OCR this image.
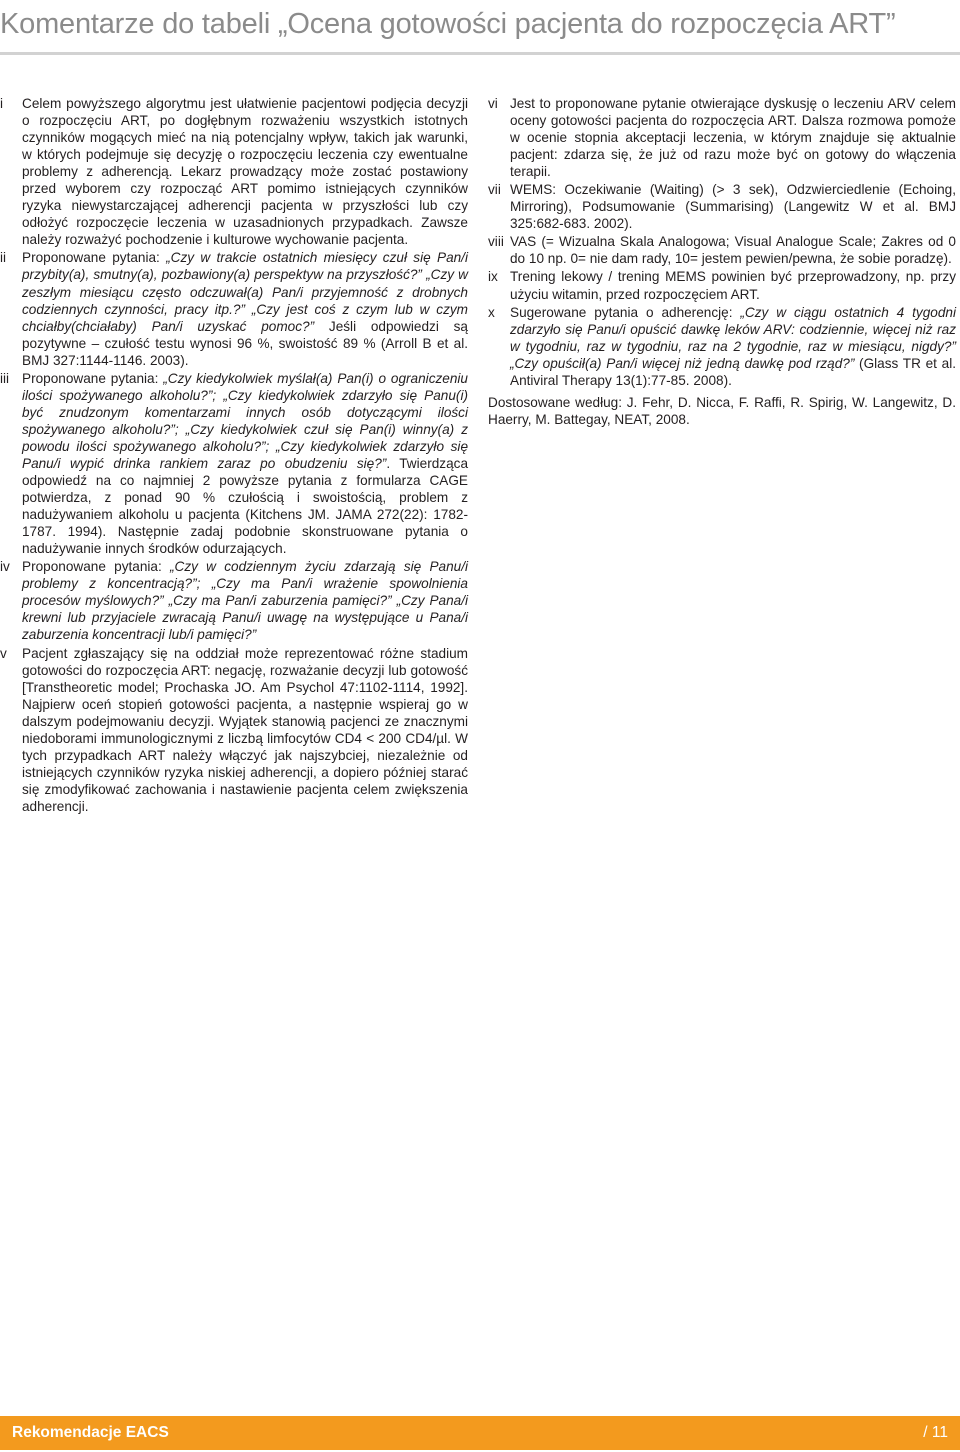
Komentarze do tabeli „Ocena gotowości pacjenta do rozpoczęcia ART”
i	Celem powyższego algorytmu jest ułatwienie pacjentowi podjęcia decyzji o rozpoczęciu ART, po dogłębnym rozważeniu wszystkich istotnych czynników mogących mieć na nią potencjalny wpływ, takich jak warunki, w których podejmuje się decyzję o rozpoczęciu leczenia czy ewentualne problemy z adherencją. Lekarz prowadzący może zostać postawiony przed wyborem czy rozpocząć ART pomimo istniejących czynników ryzyka niewystarczającej adherencji pacjenta w przyszłości lub czy odłożyć rozpoczęcie leczenia w uzasadnionych przypadkach. Zawsze należy rozważyć pochodzenie i kulturowe wychowanie pacjenta.
ii	Proponowane pytania: „Czy w trakcie ostatnich miesięcy czuł się Pan/i przybity(a), smutny(a), pozbawiony(a) perspektyw na przyszłość?” „Czy w zeszłym miesiącu często odczuwał(a) Pan/i przyjemność z drobnych codziennych czynności, pracy itp.?” „Czy jest coś z czym lub w czym chciałby(chciałaby) Pan/i uzyskać pomoc?” Jeśli odpowiedzi są pozytywne – czułość testu wynosi 96 %, swoistość 89 % (Arroll B et al. BMJ 327:1144-1146. 2003).
iii Proponowane pytania: „Czy kiedykolwiek myślał(a) Pan(i) o ograniczeniu ilości spożywanego alkoholu?”; „Czy kiedykolwiek zdarzyło się Panu(i) być znudzonym komentarzami innych osób dotyczącymi ilości spożywanego alkoholu?”; „Czy kiedykolwiek czuł się Pan(i) winny(a) z powodu ilości spożywanego alkoholu?”; „Czy kiedykolwiek zdarzyło się Panu/i wypić drinka rankiem zaraz po obudzeniu się?”. Twierdząca odpowiedź na co najmniej 2 powyższe pytania z formularza CAGE potwierdza, z ponad 90 % czułością i swoistością, problem z nadużywaniem alkoholu u pacjenta (Kitchens JM. JAMA 272(22): 1782-1787. 1994). Następnie zadaj podobnie skonstruowane pytania o nadużywanie innych środków odurzających.
iv Proponowane pytania: „Czy w codziennym życiu zdarzają się Panu/i problemy z koncentracją?”; „Czy ma Pan/i wrażenie spowolnienia procesów myślowych?” „Czy ma Pan/i zaburzenia pamięci?” „Czy Pana/i krewni lub przyjaciele zwracają Panu/i uwagę na występujące u Pana/i zaburzenia koncentracji lub/i pamięci?”
v	Pacjent zgłaszający się na oddział może reprezentować różne stadium gotowości do rozpoczęcia ART: negację, rozważanie decyzji lub gotowość [Transtheoretic model; Prochaska JO. Am Psychol 47:1102-1114, 1992]. Najpierw oceń stopień gotowości pacjenta, a następnie wspieraj go w dalszym podejmowaniu decyzji. Wyjątek stanowią pacjenci ze znacznymi niedoborami immunologicznymi z liczbą limfocytów CD4 < 200 CD4/µl. W tych przypadkach ART należy włączyć jak najszybciej, niezależnie od istniejących czynników ryzyka niskiej adherencji, a dopiero później starać się zmodyfikować zachowania i nastawienie pacjenta celem zwiększenia adherencji.
vi Jest to proponowane pytanie otwierające dyskusję o leczeniu ARV celem oceny gotowości pacjenta do rozpoczęcia ART. Dalsza rozmowa pomoże w ocenie stopnia akceptacji leczenia, w którym znajduje się aktualnie pacjent: zdarza się, że już od razu może być on gotowy do włączenia terapii.
vii WEMS: Oczekiwanie (Waiting) (> 3 sek), Odzwierciedlenie (Echoing, Mirroring), Podsumowanie (Summarising) (Langewitz W et al. BMJ 325:682-683. 2002).
viii VAS (= Wizualna Skala Analogowa; Visual Analogue Scale; Zakres od 0 do 10 np. 0= nie dam rady, 10= jestem pewien/pewna, że sobie poradzę).
ix Trening lekowy / trening MEMS powinien być przeprowadzony, np. przy użyciu witamin, przed rozpoczęciem ART.
x	Sugerowane pytania o adherencję: „Czy w ciągu ostatnich 4 tygodni zdarzyło się Panu/i opuścić dawkę leków ARV: codziennie, więcej niż raz w tygodniu, raz w tygodniu, raz na 2 tygodnie, raz w miesiącu, nigdy?” „Czy opuścił(a) Pan/i więcej niż jedną dawkę pod rząd?” (Glass TR et al. Antiviral Therapy 13(1):77-85. 2008).
Dostosowane według: J. Fehr, D. Nicca, F. Raffi, R. Spirig, W. Langewitz, D. Haerry, M. Battegay, NEAT, 2008.
Rekomendacje EACS	/ 11
